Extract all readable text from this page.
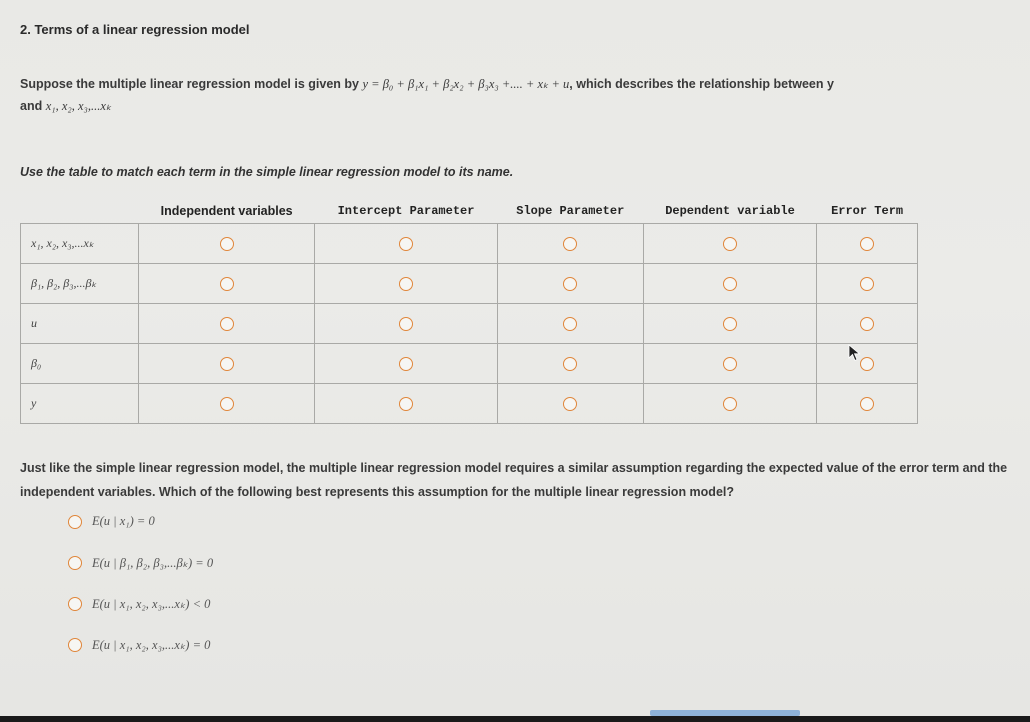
2. Terms of a linear regression model
Suppose the multiple linear regression model is given by y = β₀ + β₁x₁ + β₂x₂ + β₃x₃ +.... + xₖ + u, which describes the relationship between y
and x₁, x₂, x₃,...xₖ
Use the table to match each term in the simple linear regression model to its name.
	Independent variables	Intercept Parameter	Slope Parameter	Dependent variable	Error Term
x₁, x₂, x₃,...xₖ					
β₁, β₂, β₃,...βₖ					
u					
β₀					
y					
Just like the simple linear regression model, the multiple linear regression model requires a similar assumption regarding the expected value of the error term and the independent variables. Which of the following best represents this assumption for the multiple linear regression model?
E(u | x₁) = 0
E(u | β₁, β₂, β₃,...βₖ) = 0
E(u | x₁, x₂, x₃,...xₖ) < 0
E(u | x₁, x₂, x₃,...xₖ) = 0
